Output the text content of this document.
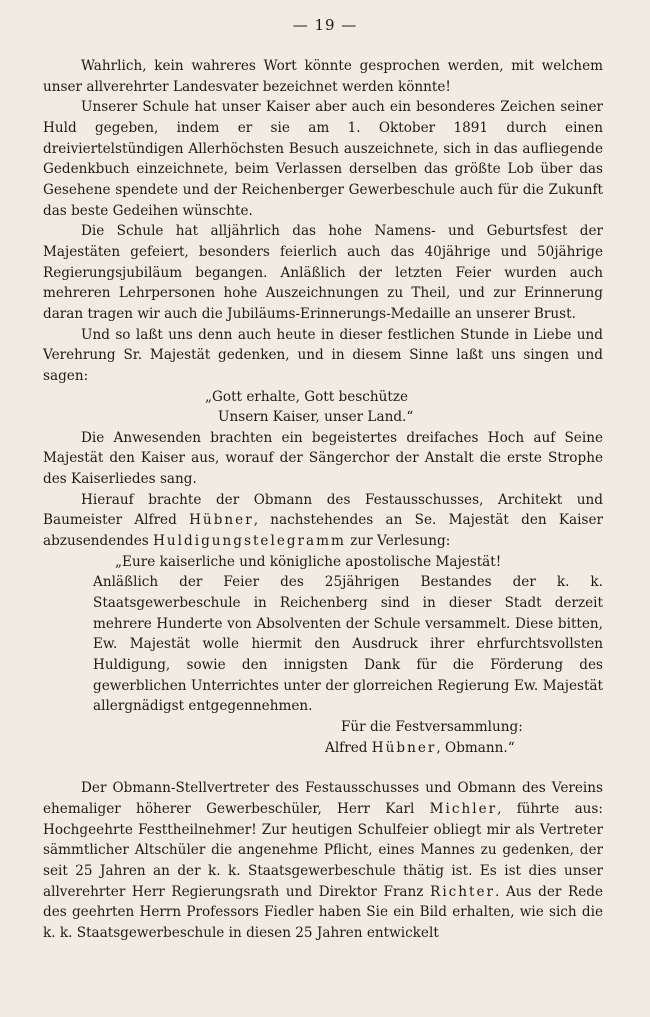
— 19 —

Wahrlich, kein wahreres Wort könnte gesprochen werden, mit welchem unser allverehrter Landesvater bezeichnet werden könnte!

Unserer Schule hat unser Kaiser aber auch ein besonderes Zeichen seiner Huld gegeben, indem er sie am 1. Oktober 1891 durch einen dreiviertelstündigen Allerhöchsten Besuch auszeichnete, sich in das aufliegende Gedenkbuch einzeichnete, beim Verlassen derselben das größte Lob über das Gesehene spendete und der Reichenberger Gewerbeschule auch für die Zukunft das beste Gedeihen wünschte.

Die Schule hat alljährlich das hohe Namens- und Geburtsfest der Majestäten gefeiert, besonders feierlich auch das 40jährige und 50jährige Regierungsjubiläum begangen. Anläßlich der letzten Feier wurden auch mehreren Lehrpersonen hohe Auszeichnungen zu Theil, und zur Erinnerung daran tragen wir auch die Jubiläums-Erinnerungs-Medaille an unserer Brust.

Und so laßt uns denn auch heute in dieser festlichen Stunde in Liebe und Verehrung Sr. Majestät gedenken, und in diesem Sinne laßt uns singen und sagen:

„Gott erhalte, Gott beschütze

Unsern Kaiser, unser Land.“

Die Anwesenden brachten ein begeistertes dreifaches Hoch auf Seine Majestät den Kaiser aus, worauf der Sängerchor der Anstalt die erste Strophe des Kaiserliedes sang.

Hierauf brachte der Obmann des Festausschusses, Architekt und Baumeister Alfred Hübner, nachstehendes an Se. Majestät den Kaiser abzusendendes Huldigungstelegramm zur Verlesung:

„Eure kaiserliche und königliche apostolische Majestät!

Anläßlich der Feier des 25jährigen Bestandes der k. k. Staatsgewerbeschule in Reichenberg sind in dieser Stadt derzeit mehrere Hunderte von Absolventen der Schule versammelt. Diese bitten, Ew. Majestät wolle hiermit den Ausdruck ihrer ehrfurchtsvollsten Huldigung, sowie den innigsten Dank für die Förderung des gewerblichen Unterrichtes unter der glorreichen Regierung Ew. Majestät allergnädigst entgegennehmen.

Für die Festversammlung:

Alfred Hübner, Obmann.“

Der Obmann-Stellvertreter des Festausschusses und Obmann des Vereins ehemaliger höherer Gewerbeschüler, Herr Karl Michler, führte aus: Hochgeehrte Festtheilnehmer! Zur heutigen Schulfeier obliegt mir als Vertreter sämmtlicher Altschüler die angenehme Pflicht, eines Mannes zu gedenken, der seit 25 Jahren an der k. k. Staatsgewerbeschule thätig ist. Es ist dies unser allverehrter Herr Regierungsrath und Direktor Franz Richter. Aus der Rede des geehrten Herrn Professors Fiedler haben Sie ein Bild erhalten, wie sich die k. k. Staatsgewerbeschule in diesen 25 Jahren entwickelt
